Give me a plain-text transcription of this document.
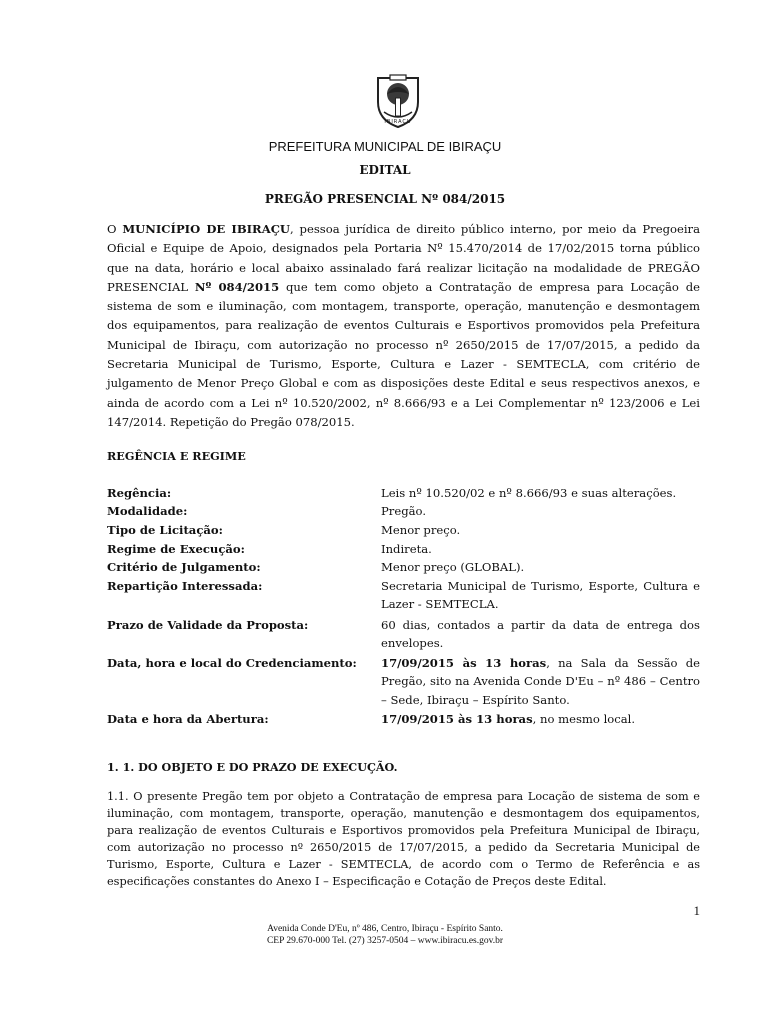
IBIRAÇU
PREFEITURA MUNICIPAL DE IBIRAÇU
EDITAL
PREGÃO PRESENCIAL Nº 084/2015

O MUNICÍPIO DE IBIRAÇU, pessoa jurídica de direito público interno, por meio da Pregoeira Oficial e Equipe de Apoio, designados pela Portaria Nº 15.470/2014 de 17/02/2015 torna público que na data, horário e local abaixo assinalado fará realizar licitação na modalidade de PREGÃO PRESENCIAL Nº 084/2015 que tem como objeto a Contratação de empresa para Locação de sistema de som e iluminação, com montagem, transporte, operação, manutenção e desmontagem dos equipamentos, para realização de eventos Culturais e Esportivos promovidos pela Prefeitura Municipal de Ibiraçu, com autorização no processo nº 2650/2015 de 17/07/2015, a pedido da Secretaria Municipal de Turismo, Esporte, Cultura e Lazer - SEMTECLA, com critério de julgamento de Menor Preço Global e com as disposições deste Edital e seus respectivos anexos, e ainda de acordo com a Lei nº 10.520/2002, nº 8.666/93 e a Lei Complementar nº 123/2006 e Lei 147/2014. Repetição do Pregão 078/2015.

REGÊNCIA E REGIME
Regência:	Leis nº 10.520/02 e nº 8.666/93 e suas alterações.
Modalidade:	Pregão.
Tipo de Licitação:	Menor preço.
Regime de Execução:	Indireta.
Critério de Julgamento:	Menor preço (GLOBAL).
Repartição Interessada:	Secretaria Municipal de Turismo, Esporte, Cultura e Lazer - SEMTECLA.
Prazo de Validade da Proposta:	60 dias, contados a partir da data de entrega dos envelopes.
Data, hora e local do Credenciamento:	17/09/2015 às 13 horas, na Sala da Sessão de Pregão, sito na Avenida Conde D'Eu – nº 486 – Centro – Sede, Ibiraçu – Espírito Santo.
Data e hora da Abertura:	17/09/2015 às 13 horas, no mesmo local.
1. 1. DO OBJETO E DO PRAZO DE EXECUÇÃO.

1.1. O presente Pregão tem por objeto a Contratação de empresa para Locação de sistema de som e iluminação, com montagem, transporte, operação, manutenção e desmontagem dos equipamentos, para realização de eventos Culturais e Esportivos promovidos pela Prefeitura Municipal de Ibiraçu, com autorização no processo nº 2650/2015 de 17/07/2015, a pedido da Secretaria Municipal de Turismo, Esporte, Cultura e Lazer - SEMTECLA, de acordo com o Termo de Referência e as especificações constantes do Anexo I – Especificação e Cotação de Preços deste Edital.

1
Avenida Conde D'Eu, nº 486, Centro, Ibiraçu - Espírito Santo.
CEP 29.670-000 Tel. (27) 3257-0504 – www.ibiracu.es.gov.br
